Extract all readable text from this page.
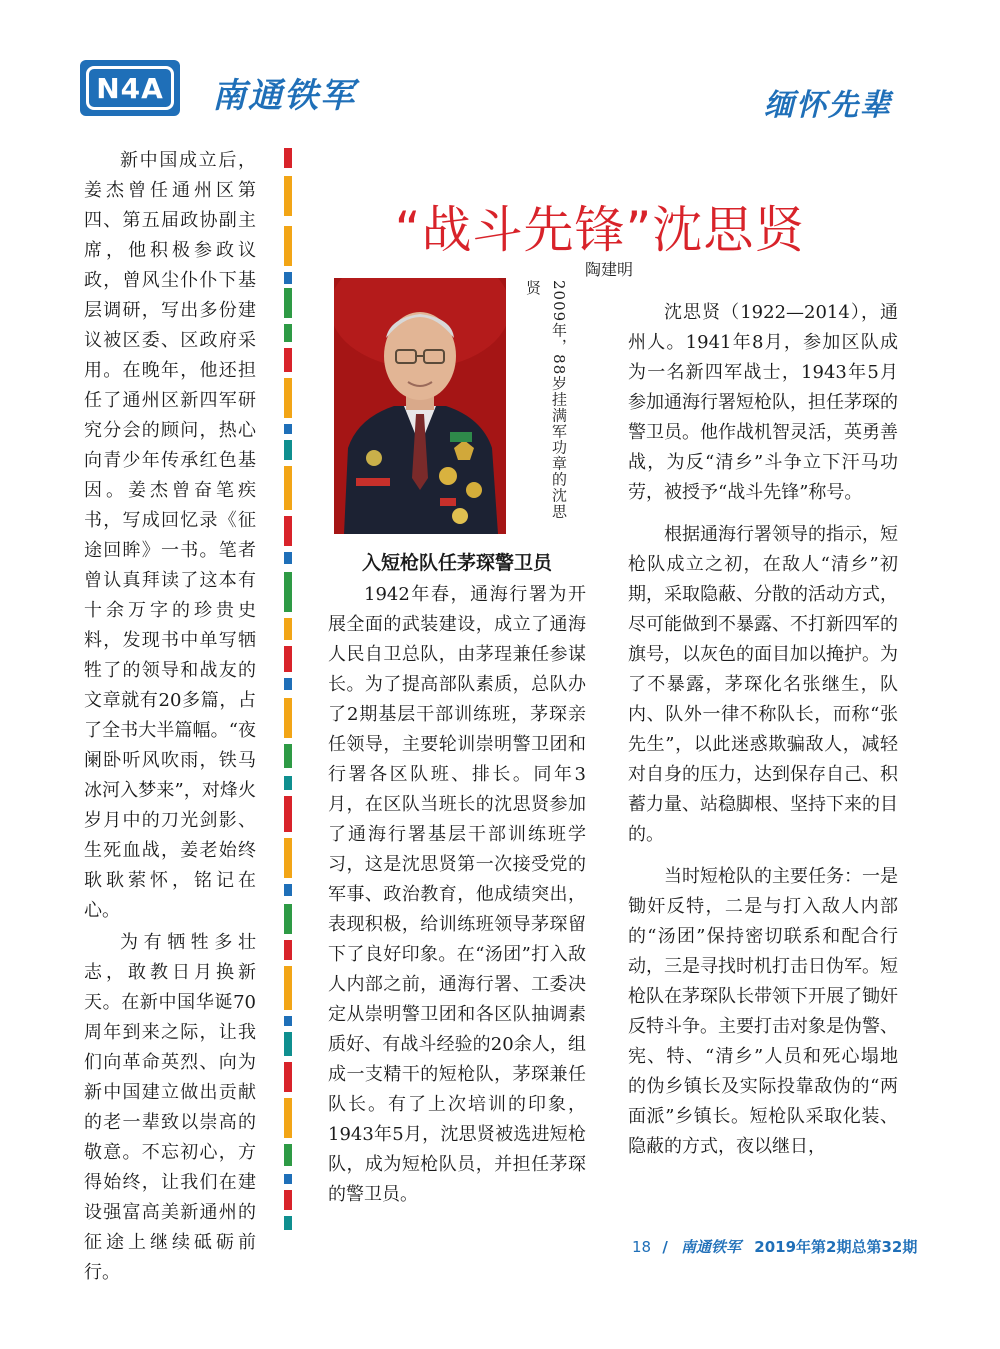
N4A	南通铁军	缅怀先辈

新中国成立后，姜杰曾任通州区第四、第五届政协副主席，他积极参政议政，曾风尘仆仆下基层调研，写出多份建议被区委、区政府采用。在晚年，他还担任了通州区新四军研究分会的顾问，热心向青少年传承红色基因。姜杰曾奋笔疾书，写成回忆录《征途回眸》一书。笔者曾认真拜读了这本有十余万字的珍贵史料，发现书中单写牺牲了的领导和战友的文章就有20多篇，占了全书大半篇幅。“夜阑卧听风吹雨，铁马冰河入梦来”，对烽火岁月中的刀光剑影、生死血战，姜老始终耿耿萦怀，铭记在心。

为有牺牲多壮志，敢教日月换新天。在新中国华诞70周年到来之际，让我们向革命英烈、向为新中国建立做出贡献的老一辈致以崇高的敬意。不忘初心，方得始终，让我们在建设强富高美新通州的征途上继续砥砺前行。

“战斗先锋”沈思贤
陶建明
2009年，88岁挂满军功章的沈思贤
入短枪队任茅琛警卫员

1942年春，通海行署为开展全面的武装建设，成立了通海人民自卫总队，由茅珵兼任参谋长。为了提高部队素质，总队办了2期基层干部训练班，茅琛亲任领导，主要轮训崇明警卫团和行署各区队班、排长。同年3月，在区队当班长的沈思贤参加了通海行署基层干部训练班学习，这是沈思贤第一次接受党的军事、政治教育，他成绩突出，表现积极，给训练班领导茅琛留下了良好印象。在“汤团”打入敌人内部之前，通海行署、工委决定从崇明警卫团和各区队抽调素质好、有战斗经验的20余人，组成一支精干的短枪队，茅琛兼任队长。有了上次培训的印象，1943年5月，沈思贤被选进短枪队，成为短枪队员，并担任茅琛的警卫员。

沈思贤（1922—2014），通州人。1941年8月，参加区队成为一名新四军战士，1943年5月参加通海行署短枪队，担任茅琛的警卫员。他作战机智灵活，英勇善战，为反“清乡”斗争立下汗马功劳，被授予“战斗先锋”称号。

根据通海行署领导的指示，短枪队成立之初，在敌人“清乡”初期，采取隐蔽、分散的活动方式，尽可能做到不暴露、不打新四军的旗号，以灰色的面目加以掩护。为了不暴露，茅琛化名张继生，队内、队外一律不称队长，而称“张先生”，以此迷惑欺骗敌人，减轻对自身的压力，达到保存自己、积蓄力量、站稳脚根、坚持下来的目的。

当时短枪队的主要任务：一是锄奸反特，二是与打入敌人内部的“汤团”保持密切联系和配合行动，三是寻找时机打击日伪军。短枪队在茅琛队长带领下开展了锄奸反特斗争。主要打击对象是伪警、宪、特、“清乡”人员和死心塌地的伪乡镇长及实际投靠敌伪的“两面派”乡镇长。短枪队采取化装、隐蔽的方式，夜以继日，

18 / 南通铁军 2019年第2期总第32期
